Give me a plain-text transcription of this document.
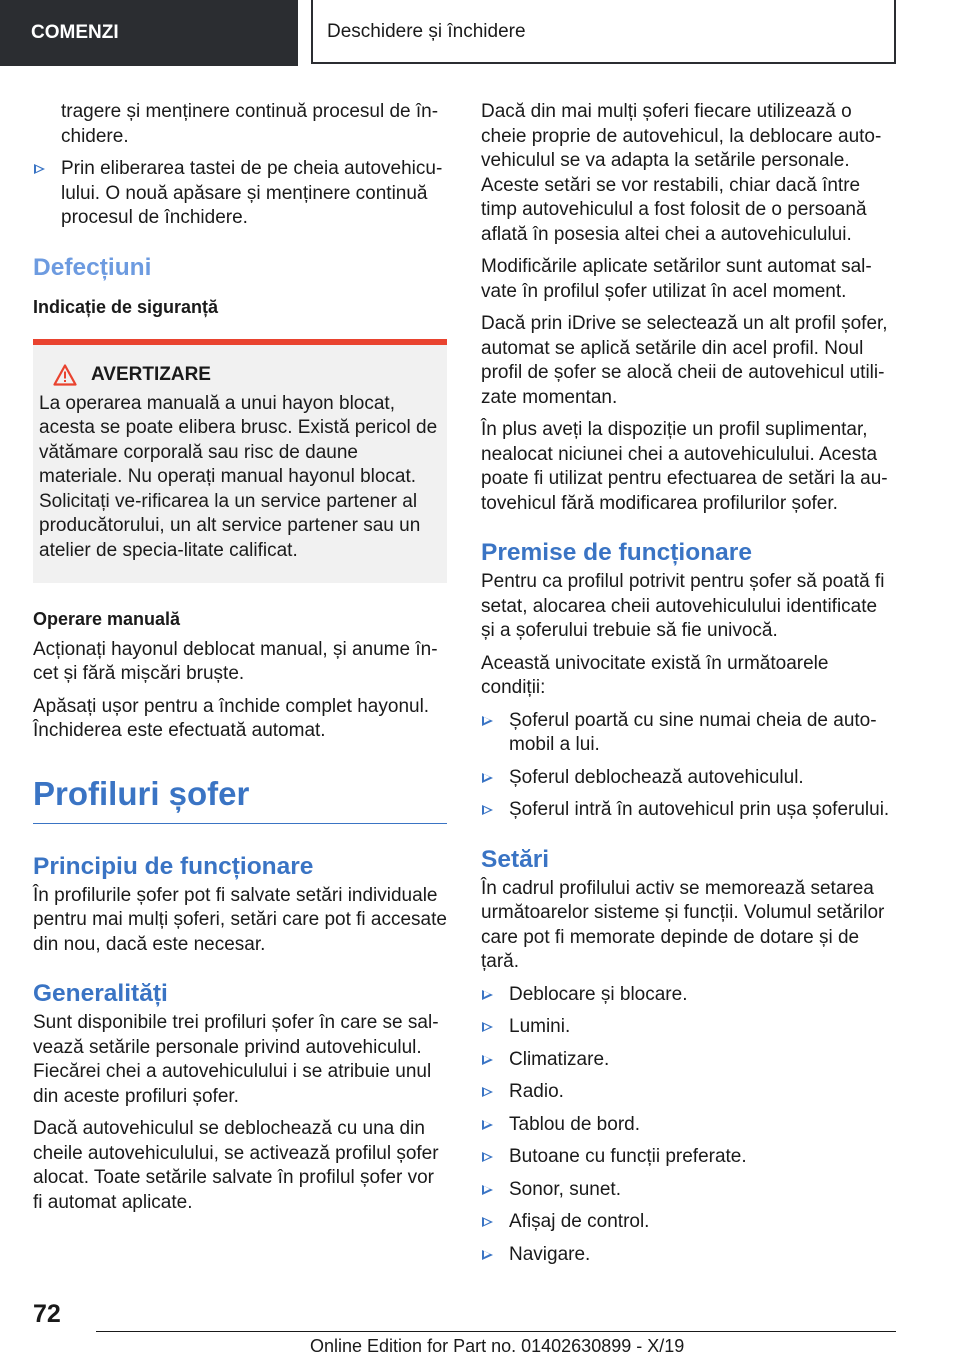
COMENZI	Deschidere și închidere
tragere și menținere continuă procesul de în-chidere.
Prin eliberarea tastei de pe cheia autovehicu-lului. O nouă apăsare și menținere continuă procesul de închidere.
Defecțiuni
Indicație de siguranță
AVERTIZARE
La operarea manuală a unui hayon blocat, acesta se poate elibera brusc. Există pericol de vătămare corporală sau risc de daune materiale. Nu operați manual hayonul blocat. Solicitați ve-rificarea la un service partener al producătorului, un alt service partener sau un atelier de specia-litate calificat.
Operare manuală

Acționați hayonul deblocat manual, și anume în-cet și fără mișcări bruște.

Apăsați ușor pentru a închide complet hayonul. Închiderea este efectuată automat.

Profiluri șofer
Principiu de funcționare

În profilurile șofer pot fi salvate setări individuale pentru mai mulți șoferi, setări care pot fi accesate din nou, dacă este necesar.

Generalități

Sunt disponibile trei profiluri șofer în care se sal-vează setările personale privind autovehiculul. Fiecărei chei a autovehiculului i se atribuie unul din aceste profiluri șofer.

Dacă autovehiculul se deblochează cu una din cheile autovehiculului, se activează profilul șofer alocat. Toate setările salvate în profilul șofer vor fi automat aplicate.

Dacă din mai mulți șoferi fiecare utilizează o cheie proprie de autovehicul, la deblocare auto-vehiculul se va adapta la setările personale. Aceste setări se vor restabili, chiar dacă între timp autovehiculul a fost folosit de o persoană aflată în posesia altei chei a autovehiculului.

Modificările aplicate setărilor sunt automat sal-vate în profilul șofer utilizat în acel moment.

Dacă prin iDrive se selectează un alt profil șofer, automat se aplică setările din acel profil. Noul profil de șofer se alocă cheii de autovehicul utili-zate momentan.

În plus aveți la dispoziție un profil suplimentar, nealocat niciunei chei a autovehiculului. Acesta poate fi utilizat pentru efectuarea de setări la au-tovehicul fără modificarea profilurilor șofer.

Premise de funcționare

Pentru ca profilul potrivit pentru șofer să poată fi setat, alocarea cheii autovehiculului identificate și a șoferului trebuie să fie univocă.

Această univocitate există în următoarele condiții:

Șoferul poartă cu sine numai cheia de auto-mobil a lui.
Șoferul deblochează autovehiculul.
Șoferul intră în autovehicul prin ușa șoferului.
Setări

În cadrul profilului activ se memorează setarea următoarelor sisteme și funcții. Volumul setărilor care pot fi memorate depinde de dotare și de țară.

Deblocare și blocare.
Lumini.
Climatizare.
Radio.
Tablou de bord.
Butoane cu funcții preferate.
Sonor, sunet.
Afișaj de control.
Navigare.
72
Online Edition for Part no. 01402630899 - X/19
